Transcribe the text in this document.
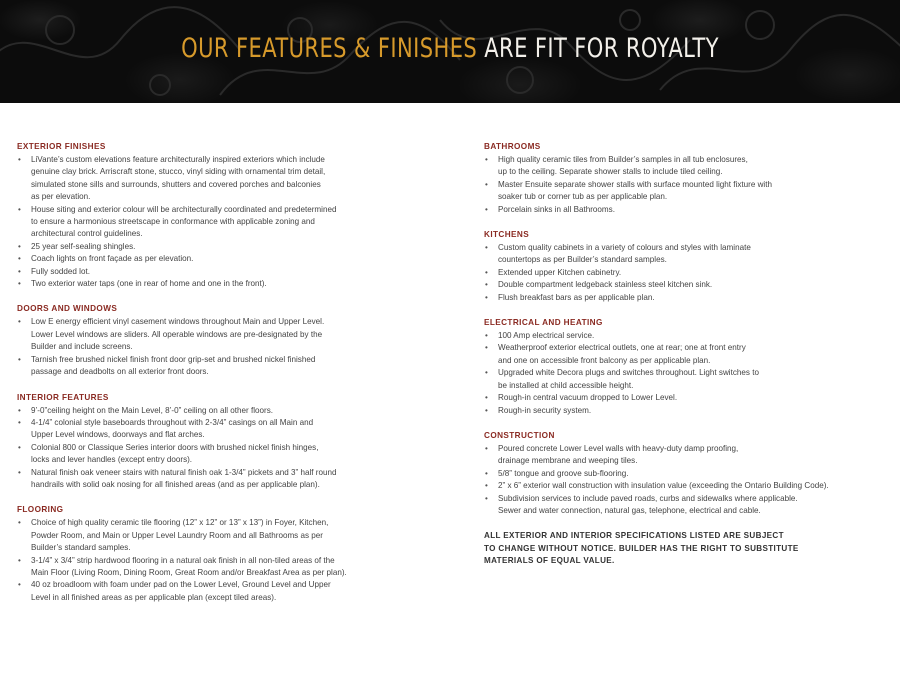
OUR FEATURES & FINISHES ARE FIT FOR ROYALTY
EXTERIOR FINISHES
• LiVante’s custom elevations feature architecturally inspired exteriors which include
genuine clay brick. Arriscraft stone, stucco, vinyl siding with ornamental trim detail,
simulated stone sills and surrounds, shutters and covered porches and balconies
as per elevation.
• House siting and exterior colour will be architecturally coordinated and predetermined
to ensure a harmonious streetscape in conformance with applicable zoning and
architectural control guidelines.
• 25 year self-sealing shingles.
• Coach lights on front façade as per elevation.
• Fully sodded lot.
• Two exterior water taps (one in rear of home and one in the front).
DOORS AND WINDOWS
• Low E energy efficient vinyl casement windows throughout Main and Upper Level.
Lower Level windows are sliders. All operable windows are pre-designated by the
Builder and include screens.
• Tarnish free brushed nickel finish front door grip-set and brushed nickel finished
passage and deadbolts on all exterior front doors.
INTERIOR FEATURES
• 9’-0”ceiling height on the Main Level, 8’-0” ceiling on all other floors.
• 4-1/4” colonial style baseboards throughout with 2-3/4” casings on all Main and
Upper Level windows, doorways and flat arches.
• Colonial 800 or Classique Series interior doors with brushed nickel finish hinges,
locks and lever handles (except entry doors).
• Natural finish oak veneer stairs with natural finish oak 1-3/4” pickets and 3” half round
handrails with solid oak nosing for all finished areas (and as per applicable plan).
FLOORING
• Choice of high quality ceramic tile flooring (12” x 12” or 13” x 13”) in Foyer, Kitchen,
Powder Room, and Main or Upper Level Laundry Room and all Bathrooms as per
Builder’s standard samples.
• 3-1/4” x 3/4” strip hardwood flooring in a natural oak finish in all non-tiled areas of the
Main Floor (Living Room, Dining Room, Great Room and/or Breakfast Area as per plan).
• 40 oz broadloom with foam under pad on the Lower Level, Ground Level and Upper
Level in all finished areas as per applicable plan (except tiled areas).
BATHROOMS
• High quality ceramic tiles from Builder’s samples in all tub enclosures,
up to the ceiling. Separate shower stalls to include tiled ceiling.
• Master Ensuite separate shower stalls with surface mounted light fixture with
soaker tub or corner tub as per applicable plan.
• Porcelain sinks in all Bathrooms.
KITCHENS
• Custom quality cabinets in a variety of colours and styles with laminate
countertops as per Builder’s standard samples.
• Extended upper Kitchen cabinetry.
• Double compartment ledgeback stainless steel kitchen sink.
• Flush breakfast bars as per applicable plan.
ELECTRICAL AND HEATING
• 100 Amp electrical service.
• Weatherproof exterior electrical outlets, one at rear; one at front entry
and one on accessible front balcony as per applicable plan.
• Upgraded white Decora plugs and switches throughout. Light switches to
be installed at child accessible height.
• Rough-in central vacuum dropped to Lower Level.
• Rough-in security system.
CONSTRUCTION
• Poured concrete Lower Level walls with heavy-duty damp proofing,
drainage membrane and weeping tiles.
• 5/8” tongue and groove sub-flooring.
• 2” x 6” exterior wall construction with insulation value (exceeding the Ontario Building Code).
• Subdivision services to include paved roads, curbs and sidewalks where applicable.
Sewer and water connection, natural gas, telephone, electrical and cable.
ALL EXTERIOR AND INTERIOR SPECIFICATIONS LISTED ARE SUBJECT
TO CHANGE WITHOUT NOTICE. BUILDER HAS THE RIGHT TO SUBSTITUTE
MATERIALS OF EQUAL VALUE.
